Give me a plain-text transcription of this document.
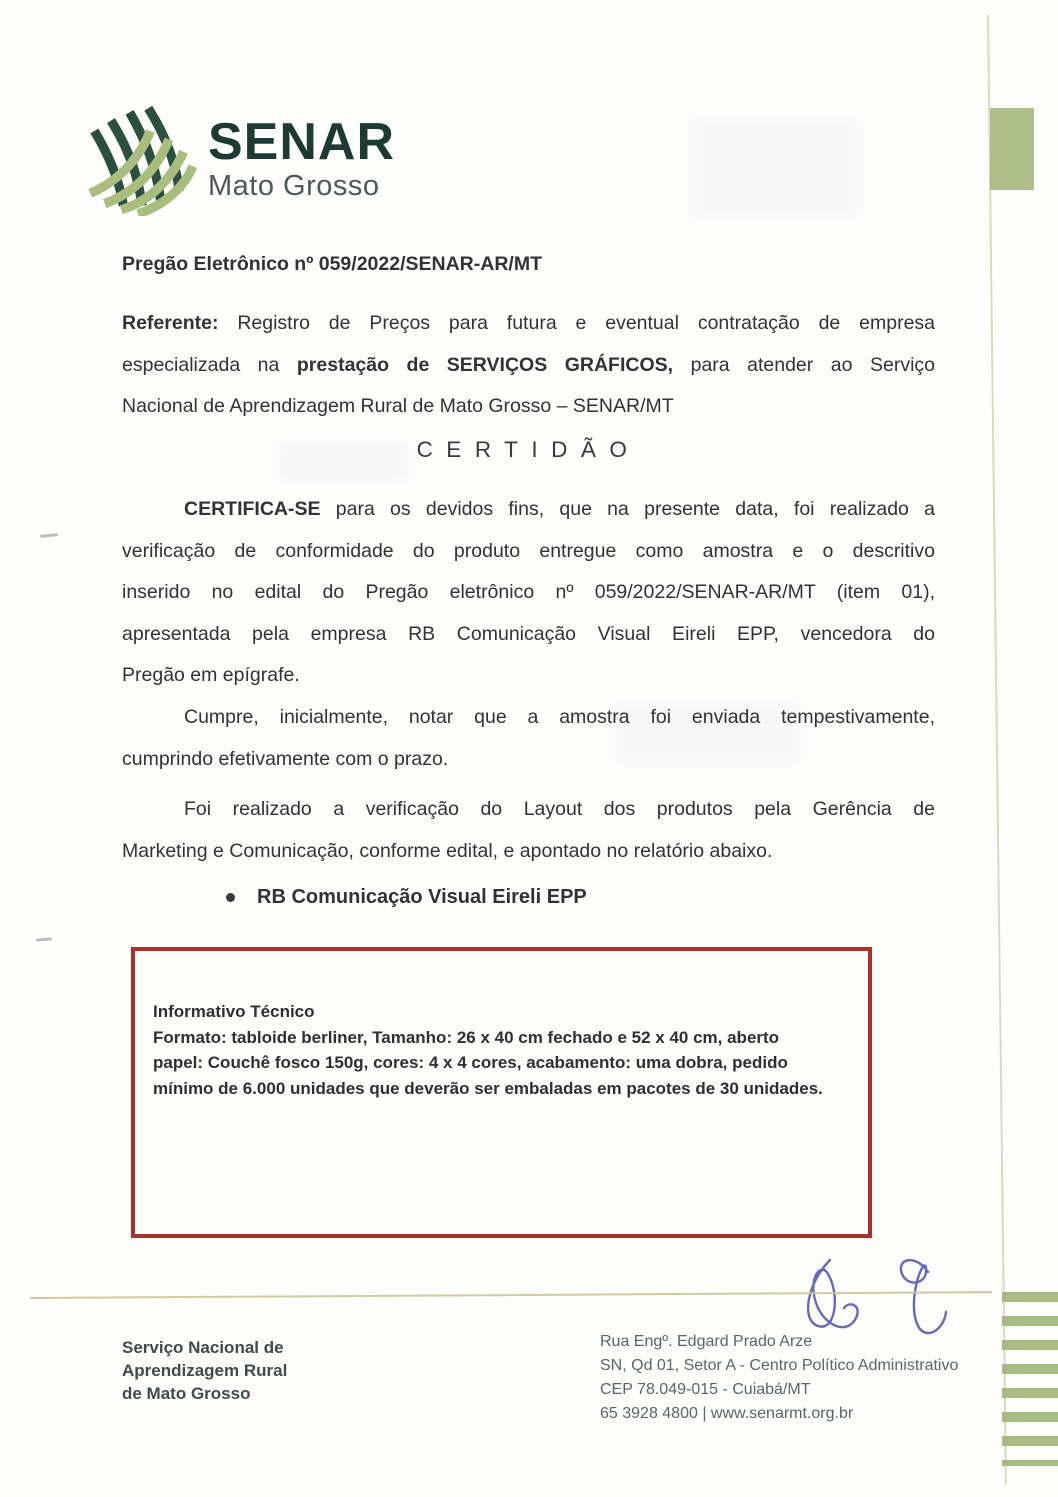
SENAR
Mato Grosso
Pregão Eletrônico nº 059/2022/SENAR-AR/MT
Referente: Registro de Preços para futura e eventual contratação de empresa
especializada na prestação de SERVIÇOS GRÁFICOS, para atender ao Serviço
Nacional de Aprendizagem Rural de Mato Grosso – SENAR/MT
CERTIDÃO
CERTIFICA-SE para os devidos fins, que na presente data, foi realizado a
verificação de conformidade do produto entregue como amostra e o descritivo
inserido no edital do Pregão eletrônico nº 059/2022/SENAR-AR/MT (item 01),
apresentada pela empresa RB Comunicação Visual Eireli EPP, vencedora do
Pregão em epígrafe.
Cumpre, inicialmente, notar que a amostra foi enviada tempestivamente,
cumprindo efetivamente com o prazo.
Foi realizado a verificação do Layout dos produtos pela Gerência de
Marketing e Comunicação, conforme edital, e apontado no relatório abaixo.
RB Comunicação Visual Eireli EPP
Informativo Técnico
Formato: tabloide berliner, Tamanho: 26 x 40 cm fechado e 52 x 40 cm, aberto
papel: Couchê fosco 150g, cores: 4 x 4 cores, acabamento: uma dobra, pedido
mínimo de 6.000 unidades que deverão ser embaladas em pacotes de 30 unidades.
Serviço Nacional de
Aprendizagem Rural
de Mato Grosso
Rua Engº. Edgard Prado Arze
SN, Qd 01, Setor A - Centro Político Administrativo
CEP 78.049-015 - Cuiabá/MT
65 3928 4800 | www.senarmt.org.br
